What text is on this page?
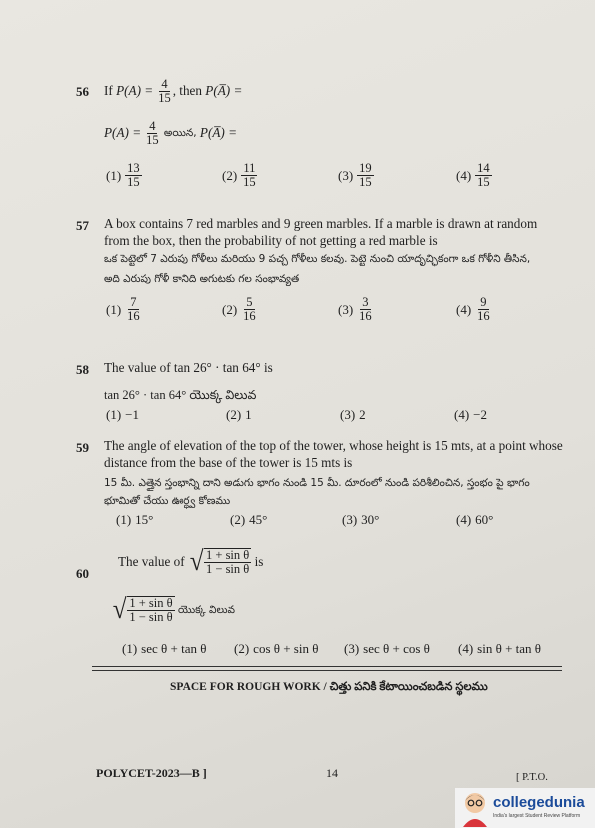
56 If $P(A) = \frac{4}{15}$ , then P(A̅) =
$P(A) = \frac{4}{15}$ అయిన, P(A̅) =
$(1) \frac{13}{15}$	$(2) \frac{11}{15}$	$(3) \frac{19}{15}$	$(4) \frac{14}{15}$
57 A box contains 7 red marbles and 9 green marbles. If a marble is drawn at random from the box, then the probability of not getting a red marble is
ఒక పెట్టెలో 7 ఎరుపు గోళీలు మరియు 9 పచ్చ గోళీలు కలవు. పెట్టె నుంచి యాదృచ్ఛికంగా ఒక గోళీని తీసిన,
అది ఎరుపు గోళీ కానిది అగుటకు గల సంభావ్యత
$(1) \frac{7}{16}$	$(2) \frac{5}{16}$	$(3) \frac{3}{16}$	$(4) \frac{9}{16}$
58 The value of tan 26° · tan 64° is
tan 26° · tan 64° యొక్క విలువ
(1) −1	(2) 1	(3) 2	(4) −2
59 The angle of elevation of the top of the tower, whose height is 15 mts, at a point whose distance from the base of the tower is 15 mts is
15 మీ. ఎత్తైన స్తంభాన్ని దాని అడుగు భాగం నుండి 15 మీ. దూరంలో నుండి పరిశీలించిన, స్తంభం పై భాగం
భూమితో చేయు ఊర్ధ్వ కోణము
(1) 15°	(2) 45°	(3) 30°	(4) 60°
60
The value of √ $\frac{\text{1 + sin θ}}{\text{1 − sin θ}}$ is
√ $\frac{\text{1 + sin θ}}{\text{1 − sin θ}}$ యొక్క విలువ
(1) sec θ + tan θ (2) cos θ + sin θ (3) sec θ + cos θ (4) sin θ + tan θ
SPACE FOR ROUGH WORK / చిత్తు పనికి కేటాయించబడిన స్థలము
POLYCET-2023—B ]	14	[ P.T.O.
collegedunia
India's largest Student Review Platform
